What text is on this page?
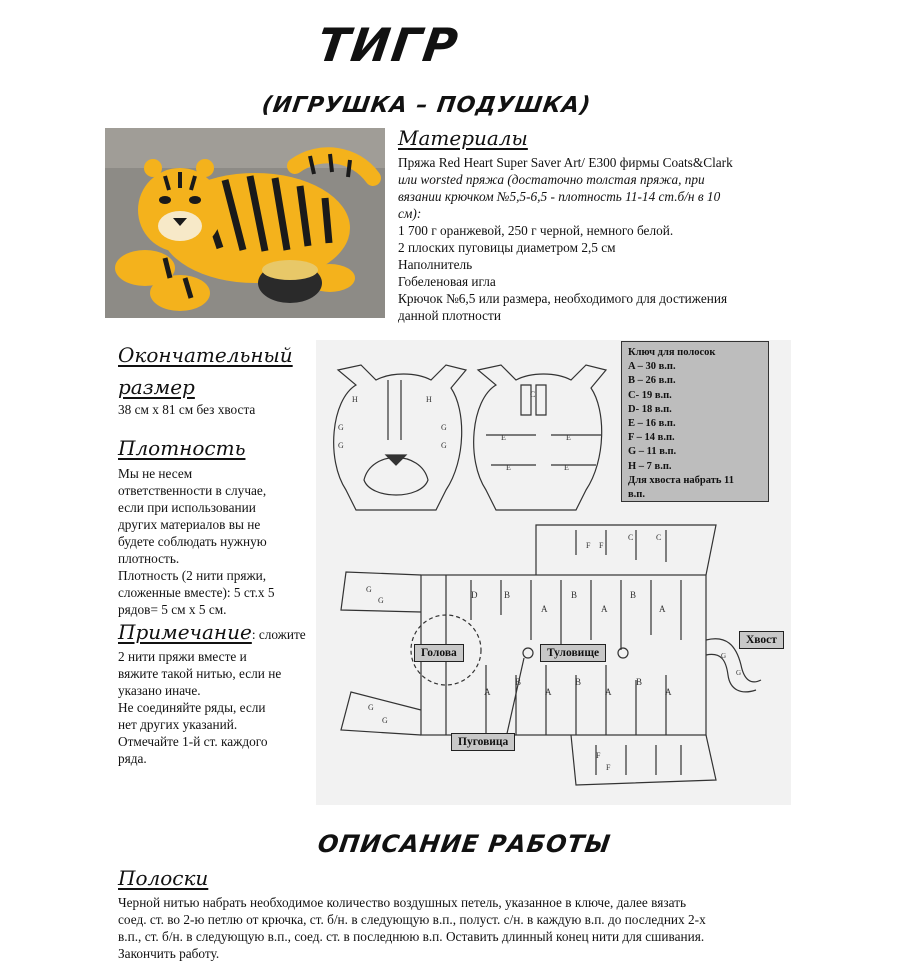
ТИГР
(ИГРУШКА – ПОДУШКА)
Материалы
Пряжа Red Heart Super Saver Art/ E300 фирмы Coats&Clark
или worsted пряжа (достаточно толстая пряжа, при
вязании крючком №5,5-6,5 - плотность 11-14 ст.б/н в 10
см):
1 700 г оранжевой, 250 г черной, немного белой.
2 плоских пуговицы диаметром 2,5 см
Наполнитель
Гобеленовая игла
Крючок №6,5 или размера, необходимого для достижения
данной плотности
Окончательный
размер
38 см х 81 см без хвоста
Плотность
Мы не несем
ответственности в случае,
если при использовании
других материалов вы не
будете соблюдать нужную
плотность.
Плотность (2 нити пряжи,
сложенные вместе): 5 ст.х 5
рядов= 5 см х 5 см.
Примечание: сложите
2 нити пряжи вместе и
вяжите такой нитью, если не
указано иначе.
Не соединяйте ряды, если
нет других указаний.
Отмечайте 1-й ст. каждого
ряда.
H	H
G
G
G
G
C
E	E
E	E
D	B
A
B
A
B
A
A
B
A
B
A
B
A
G
G
G
G
F F
C	C
F
F
G
G
Ключ для полосок
A – 30 в.п.
B – 26 в.п.
C- 19 в.п.
D- 18 в.п.
E – 16 в.п.
F – 14 в.п.
G – 11 в.п.
H – 7 в.п.
Для хвоста набрать 11
в.п.
Голова	Туловище
Хвост
Пуговица
ОПИСАНИЕ РАБОТЫ
Полоски
Черной нитью набрать необходимое количество воздушных петель, указанное в ключе, далее вязать
соед. ст. во 2-ю петлю от крючка, ст. б/н. в следующую в.п., полуст. с/н. в каждую в.п. до последних 2-х
в.п., ст. б/н. в следующую в.п., соед. ст. в последнюю в.п. Оставить длинный конец нити для сшивания.
Закончить работу.
